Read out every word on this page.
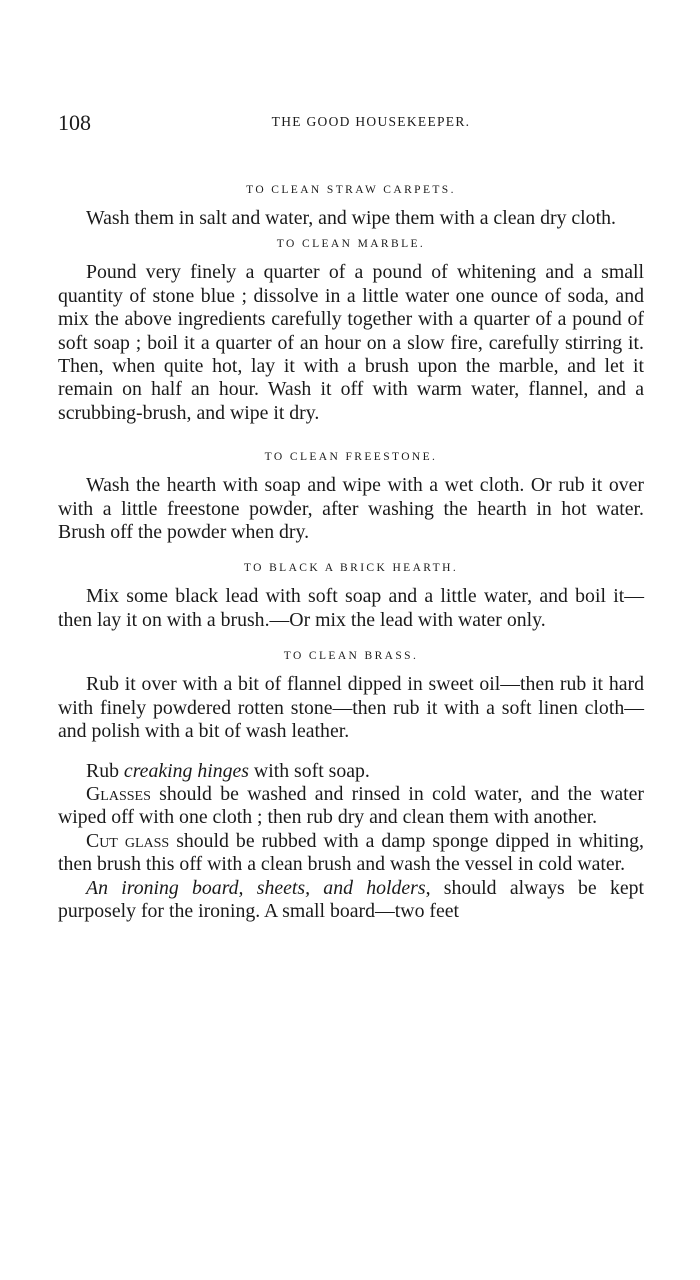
108	THE GOOD HOUSEKEEPER.
TO CLEAN STRAW CARPETS.

Wash them in salt and water, and wipe them with a clean dry cloth.

TO CLEAN MARBLE.

Pound very finely a quarter of a pound of whitening and a small quantity of stone blue ; dissolve in a little water one ounce of soda, and mix the above ingredients carefully together with a quarter of a pound of soft soap ; boil it a quarter of an hour on a slow fire, carefully stirring it. Then, when quite hot, lay it with a brush upon the marble, and let it remain on half an hour. Wash it off with warm water, flannel, and a scrubbing-brush, and wipe it dry.

TO CLEAN FREESTONE.

Wash the hearth with soap and wipe with a wet cloth. Or rub it over with a little freestone powder, after washing the hearth in hot water. Brush off the powder when dry.

TO BLACK A BRICK HEARTH.

Mix some black lead with soft soap and a little water, and boil it—then lay it on with a brush.—Or mix the lead with water only.

TO CLEAN BRASS.

Rub it over with a bit of flannel dipped in sweet oil—then rub it hard with finely powdered rotten stone—then rub it with a soft linen cloth—and polish with a bit of wash leather.

Rub creaking hinges with soft soap.

Glasses should be washed and rinsed in cold water, and the water wiped off with one cloth ; then rub dry and clean them with another.

Cut glass should be rubbed with a damp sponge dipped in whiting, then brush this off with a clean brush and wash the vessel in cold water.

An ironing board, sheets, and holders, should always be kept purposely for the ironing. A small board—two feet
